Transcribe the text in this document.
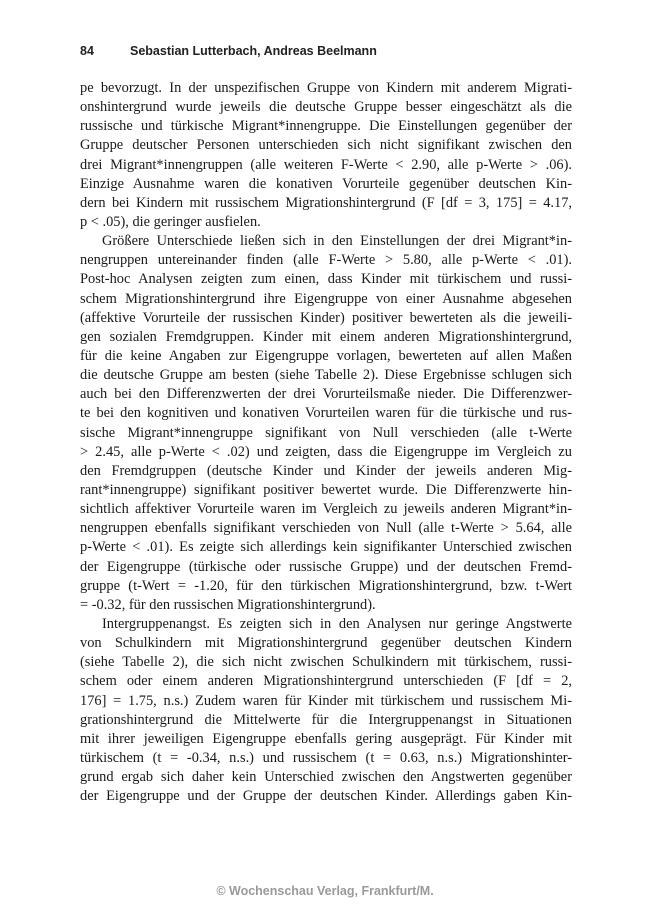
84	Sebastian Lutterbach, Andreas Beelmann
pe bevorzugt. In der unspezifischen Gruppe von Kindern mit anderem Migrati-
onshintergrund wurde jeweils die deutsche Gruppe besser eingeschätzt als die
russische und türkische Migrant*innengruppe. Die Einstellungen gegenüber der
Gruppe deutscher Personen unterschieden sich nicht signifikant zwischen den
drei Migrant*innengruppen (alle weiteren F-Werte < 2.90, alle p-Werte > .06).
Einzige Ausnahme waren die konativen Vorurteile gegenüber deutschen Kin-
dern bei Kindern mit russischem Migrationshintergrund (F [df = 3, 175] = 4.17,
p < .05), die geringer ausfielen.
Größere Unterschiede ließen sich in den Einstellungen der drei Migrant*in-
nengruppen untereinander finden (alle F-Werte > 5.80, alle p-Werte < .01).
Post-hoc Analysen zeigten zum einen, dass Kinder mit türkischem und russi-
schem Migrationshintergrund ihre Eigengruppe von einer Ausnahme abgesehen
(affektive Vorurteile der russischen Kinder) positiver bewerteten als die jeweili-
gen sozialen Fremdgruppen. Kinder mit einem anderen Migrationshintergrund,
für die keine Angaben zur Eigengruppe vorlagen, bewerteten auf allen Maßen
die deutsche Gruppe am besten (siehe Tabelle 2). Diese Ergebnisse schlugen sich
auch bei den Differenzwerten der drei Vorurteilsmaße nieder. Die Differenzwer-
te bei den kognitiven und konativen Vorurteilen waren für die türkische und rus-
sische Migrant*innengruppe signifikant von Null verschieden (alle t-Werte
> 2.45, alle p-Werte < .02) und zeigten, dass die Eigengruppe im Vergleich zu
den Fremdgruppen (deutsche Kinder und Kinder der jeweils anderen Mig-
rant*innengruppe) signifikant positiver bewertet wurde. Die Differenzwerte hin-
sichtlich affektiver Vorurteile waren im Vergleich zu jeweils anderen Migrant*in-
nengruppen ebenfalls signifikant verschieden von Null (alle t-Werte > 5.64, alle
p-Werte < .01). Es zeigte sich allerdings kein signifikanter Unterschied zwischen
der Eigengruppe (türkische oder russische Gruppe) und der deutschen Fremd-
gruppe (t-Wert = -1.20, für den türkischen Migrationshintergrund, bzw. t-Wert
= -0.32, für den russischen Migrationshintergrund).
Intergruppenangst. Es zeigten sich in den Analysen nur geringe Angstwerte
von Schulkindern mit Migrationshintergrund gegenüber deutschen Kindern
(siehe Tabelle 2), die sich nicht zwischen Schulkindern mit türkischem, russi-
schem oder einem anderen Migrationshintergrund unterschieden (F [df = 2,
176] = 1.75, n.s.) Zudem waren für Kinder mit türkischem und russischem Mi-
grationshintergrund die Mittelwerte für die Intergruppenangst in Situationen
mit ihrer jeweiligen Eigengruppe ebenfalls gering ausgeprägt. Für Kinder mit
türkischem (t = -0.34, n.s.) und russischem (t = 0.63, n.s.) Migrationshinter-
grund ergab sich daher kein Unterschied zwischen den Angstwerten gegenüber
der Eigengruppe und der Gruppe der deutschen Kinder. Allerdings gaben Kin-
© Wochenschau Verlag, Frankfurt/M.
